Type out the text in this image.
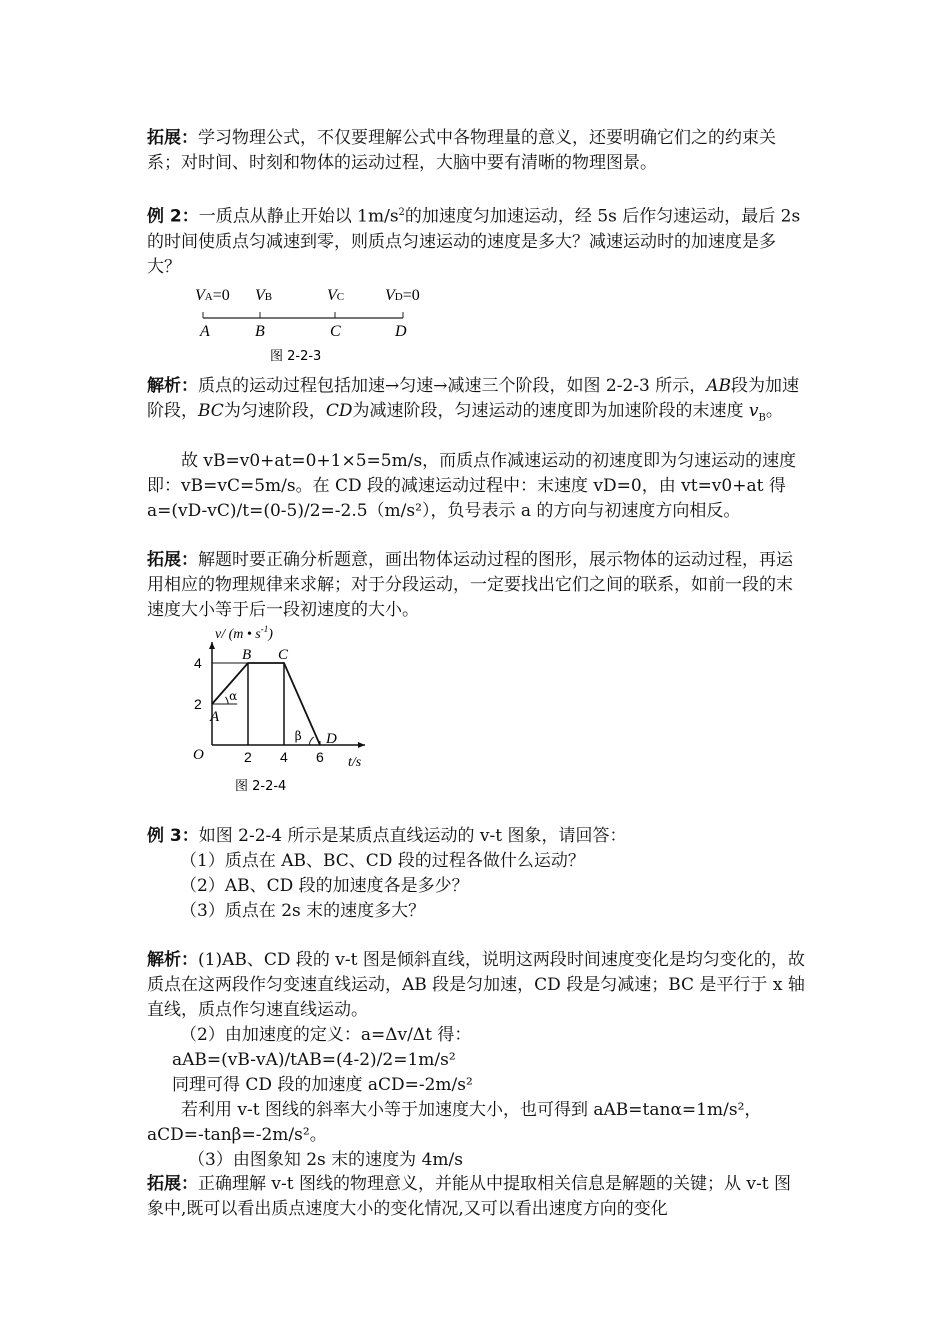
拓展：学习物理公式，不仅要理解公式中各物理量的意义，还要明确它们之的约束关系；对时间、时刻和物体的运动过程，大脑中要有清晰的物理图景。

例 2：一质点从静止开始以 $1m/s^2$的加速度匀加速运动，经 5s 后作匀速运动，最后 2s 的时间使质点匀减速到零，则质点匀速运动的速度是多大？减速运动时的加速度是多大？

VA=0 VB	VC	VD=0
A	B	C	D
图 2-2-3

解析：质点的运动过程包括加速→匀速→减速三个阶段，如图 2-2-3 所示，AB段为加速阶段，BC为匀速阶段，CD为减速阶段，匀速运动的速度即为加速阶段的末速度 $v_B$。

故 vB=v0+at=0+1×5=5m/s，而质点作减速运动的初速度即为匀速运动的速度即：vB=vC=5m/s。在 CD 段的减速运动过程中：末速度 vD=0，由 vt=v0+at 得 a=(vD-vC)/t=(0-5)/2=-2.5（m/s²），负号表示 a 的方向与初速度方向相反。

拓展：解题时要正确分析题意，画出物体运动过程的图形，展示物体的运动过程，再运用相应的物理规律来求解；对于分段运动，一定要找出它们之间的联系，如前一段的末速度大小等于后一段初速度的大小。

v/ (m • $s^{-1}$)
4
2
2 4 6
A
B C
D
α
β
O	t/s
图 2-2-4

例 3：如图 2-2-4 所示是某质点直线运动的 v-t 图象，请回答：

（1）质点在 AB、BC、CD 段的过程各做什么运动？

（2）AB、CD 段的加速度各是多少？

（3）质点在 2s 末的速度多大？

解析：(1)AB、CD 段的 v-t 图是倾斜直线，说明这两段时间速度变化是均匀变化的，故质点在这两段作匀变速直线运动，AB 段是匀加速，CD 段是匀减速；BC 是平行于 x 轴直线，质点作匀速直线运动。

（2）由加速度的定义：a=Δv/Δt 得：

aAB=(vB-vA)/tAB=(4-2)/2=1m/s²

同理可得 CD 段的加速度 aCD=-2m/s²

若利用 v-t 图线的斜率大小等于加速度大小，也可得到 aAB=tanα=1m/s²，aCD=-tanβ=-2m/s²。

（3）由图象知 2s 末的速度为 4m/s

拓展：正确理解 v-t 图线的物理意义，并能从中提取相关信息是解题的关键；从 v-t 图象中,既可以看出质点速度大小的变化情况,又可以看出速度方向的变化
